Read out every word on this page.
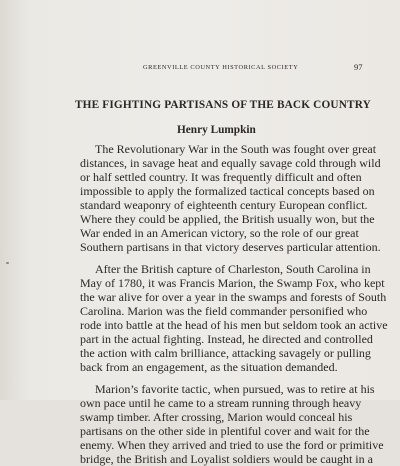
GREENVILLE COUNTY HISTORICAL SOCIETY	97
THE FIGHTING PARTISANS OF THE BACK COUNTRY
Henry Lumpkin
The Revolutionary War in the South was fought over great
distances, in savage heat and equally savage cold through wild
or half settled country. It was frequently difficult and often
impossible to apply the formalized tactical concepts based on
standard weaponry of eighteenth century European conflict.
Where they could be applied, the British usually won, but the
War ended in an American victory, so the role of our great
Southern partisans in that victory deserves particular attention.
After the British capture of Charleston, South Carolina in
May of 1780, it was Francis Marion, the Swamp Fox, who kept
the war alive for over a year in the swamps and forests of South
Carolina. Marion was the field commander personified who
rode into battle at the head of his men but seldom took an active
part in the actual fighting. Instead, he directed and controlled
the action with calm brilliance, attacking savagely or pulling
back from an engagement, as the situation demanded.
Marion’s favorite tactic, when pursued, was to retire at his
own pace until he came to a stream running through heavy
swamp timber. After crossing, Marion would conceal his
partisans on the other side in plentiful cover and wait for the
enemy. When they arrived and tried to use the ford or primitive
bridge, the British and Loyalist soldiers would be caught in a
